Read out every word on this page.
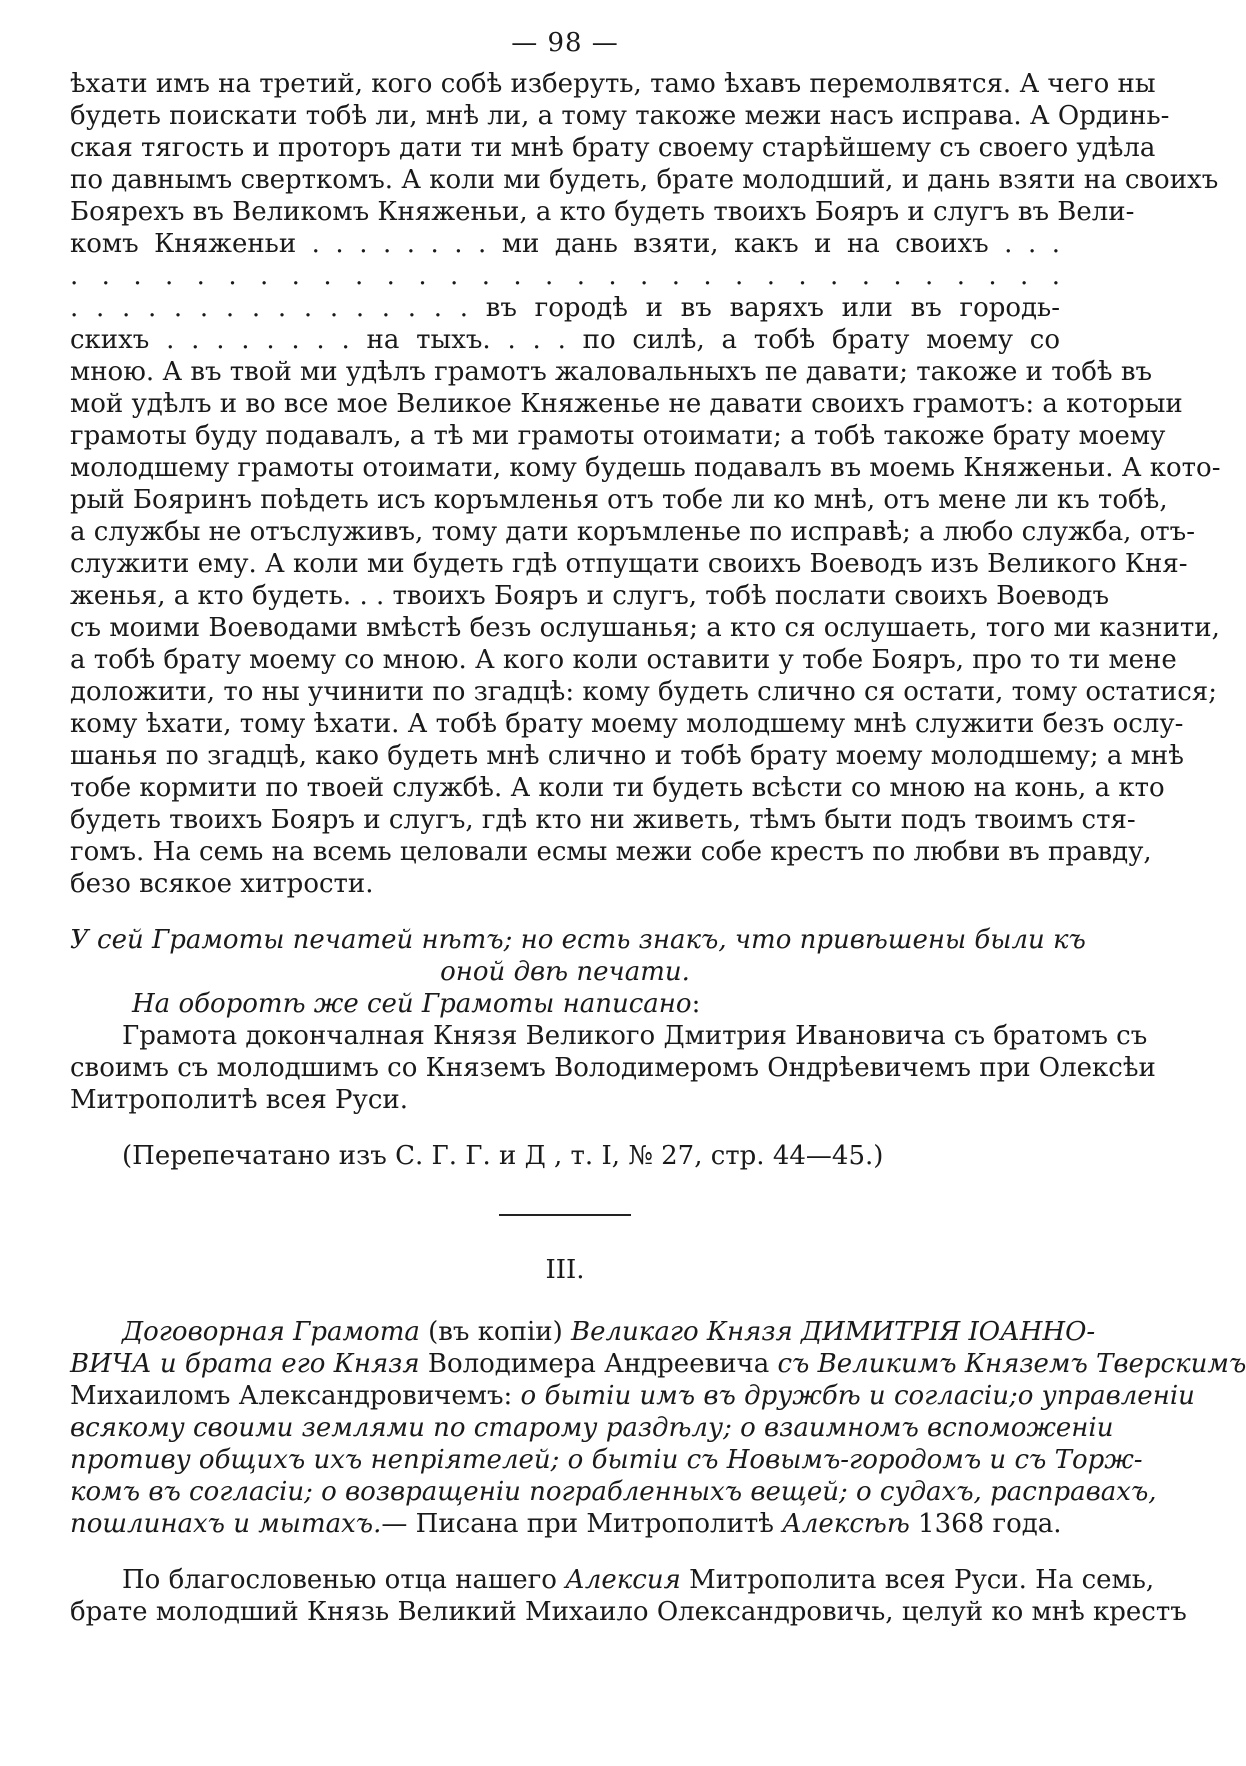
— 98 —
ѣхати имъ на третий, кого собѣ изберуть, тамо ѣхавъ перемолвятся. А чего ны
будеть поискати тобѣ ли, мнѣ ли, а тому такоже межи насъ исправа. А Ординь-
ская тягость и проторъ дати ти мнѣ брату своему старѣйшему съ своего удѣла
по давнымъ сверткомъ. А коли ми будеть, брате молодший, и дань взяти на своихъ
Боярехъ въ Великомъ Княженьи, а кто будеть твоихъ Бояръ и слугъ въ Вели-
комъ Княженьи . . . . . . . . ми дань взяти, какъ и на своихъ . . .
. . . . . . . . . . . . . . . . . . . . . . . . . . . . . . . .
. . . . . . . . . . . . . . . . въ городѣ и въ варяхъ или въ городь-
скихъ . . . . . . . . на тыхъ. . . . по силѣ, а тобѣ брату моему со
мною. А въ твой ми удѣлъ грамотъ жаловальныхъ пе давати; такоже и тобѣ въ
мой удѣлъ и во все мое Великое Княженье не давати своихъ грамотъ: а которыи
грамоты буду подавалъ, а тѣ ми грамоты отоимати; а тобѣ такоже брату моему
молодшему грамоты отоимати, кому будешь подавалъ въ моемь Княженьи. А кото-
рый Бояринъ поѣдеть исъ коръмленья отъ тобе ли ко мнѣ, отъ мене ли къ тобѣ,
а службы не отъслуживъ, тому дати коръмленье по исправѣ; а любо служба, отъ-
служити ему. А коли ми будеть гдѣ отпущати своихъ Воеводъ изъ Великого Кня-
женья, а кто будеть. . . твоихъ Бояръ и слугъ, тобѣ послати своихъ Воеводъ
съ моими Воеводами вмѣстѣ безъ ослушанья; а кто ся ослушаеть, того ми казнити,
а тобѣ брату моему со мною. А кого коли оставити у тобе Бояръ, про то ти мене
доложити, то ны учинити по згадцѣ: кому будеть слично ся остати, тому остатися;
кому ѣхати, тому ѣхати. А тобѣ брату моему молодшему мнѣ служити безъ ослу-
шанья по згадцѣ, како будеть мнѣ слично и тобѣ брату моему молодшему; а мнѣ
тобе кормити по твоей службѣ. А коли ти будеть всѣсти со мною на конь, а кто
будеть твоихъ Бояръ и слугъ, гдѣ кто ни живеть, тѣмъ быти подъ твоимъ стя-
гомъ. На семь на всемь целовали есмы межи собе крестъ по любви въ правду,
безо всякое хитрости.
У сей Грамоты печатей нѣтъ; но есть знакъ, что привѣшены были къ
оной двѣ печати.
На оборотѣ же сей Грамоты написано:
Грамота докончалная Князя Великого Дмитрия Ивановича съ братомъ съ
своимъ съ молодшимъ со Княземъ Володимеромъ Ондрѣевичемъ при Олексѣи
Митрополитѣ всея Руси.
(Перепечатано изъ С. Г. Г. и Д , т. I, № 27, стр. 44—45.)
III.
Договорная Грамота (въ копіи) Великаго Князя ДИМИТРІЯ ІОАННО-
ВИЧА и брата его Князя Володимера Андреевича съ Великимъ Княземъ Тверскимъ
Михаиломъ Александровичемъ: о бытіи имъ въ дружбѣ и согласіи;о управленіи
всякому своими землями по старому раздѣлу; о взаимномъ вспоможеніи
противу общихъ ихъ непріятелей; о бытіи съ Новымъ-городомъ и съ Торж-
комъ въ согласіи; о возвращеніи пограбленныхъ вещей; о судахъ, расправахъ,
пошлинахъ и мытахъ.— Писана при Митрополитѣ Алексѣѣ 1368 года.
По благословенью отца нашего Алексия Митрополита всея Руси. На семь,
брате молодший Князь Великий Михаило Олександровичь, целуй ко мнѣ крестъ
